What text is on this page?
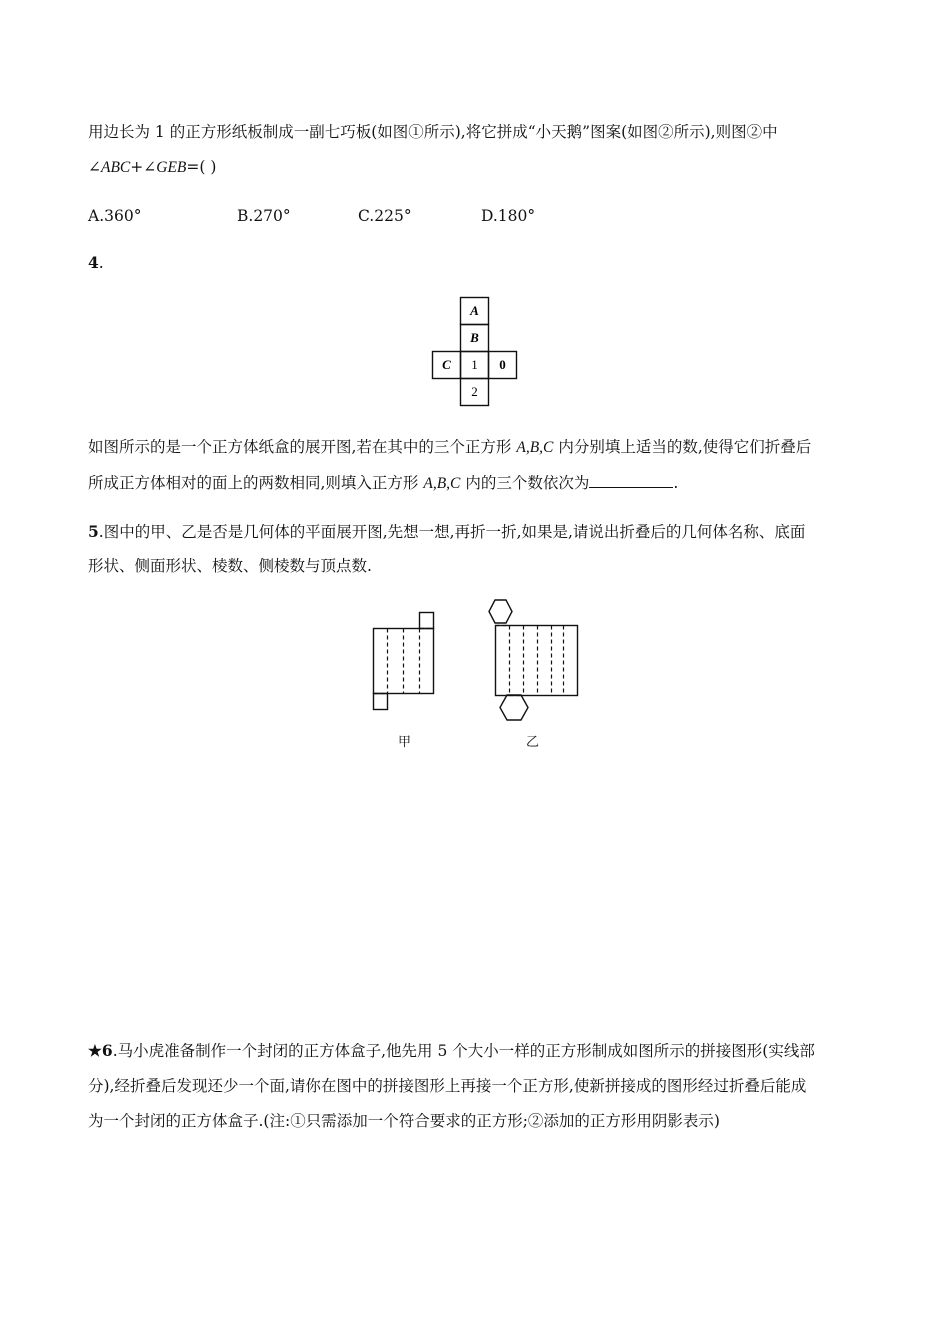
用边长为 1 的正方形纸板制成一副七巧板(如图①所示),将它拼成“小天鹅”图案(如图②所示),则图②中
∠ABC+∠GEB=( )
A.360°	B.270°	C.225°	D.180°
4.
A
B
C 1 0
2
如图所示的是一个正方体纸盒的展开图,若在其中的三个正方形 A,B,C 内分别填上适当的数,使得它们折叠后
所成正方体相对的面上的两数相同,则填入正方形 A,B,C 内的三个数依次为	.
5.图中的甲、乙是否是几何体的平面展开图,先想一想,再折一折,如果是,请说出折叠后的几何体名称、底面
形状、侧面形状、棱数、侧棱数与顶点数.
甲	乙
★6.马小虎准备制作一个封闭的正方体盒子,他先用 5 个大小一样的正方形制成如图所示的拼接图形(实线部
分),经折叠后发现还少一个面,请你在图中的拼接图形上再接一个正方形,使新拼接成的图形经过折叠后能成
为一个封闭的正方体盒子.(注:①只需添加一个符合要求的正方形;②添加的正方形用阴影表示)
